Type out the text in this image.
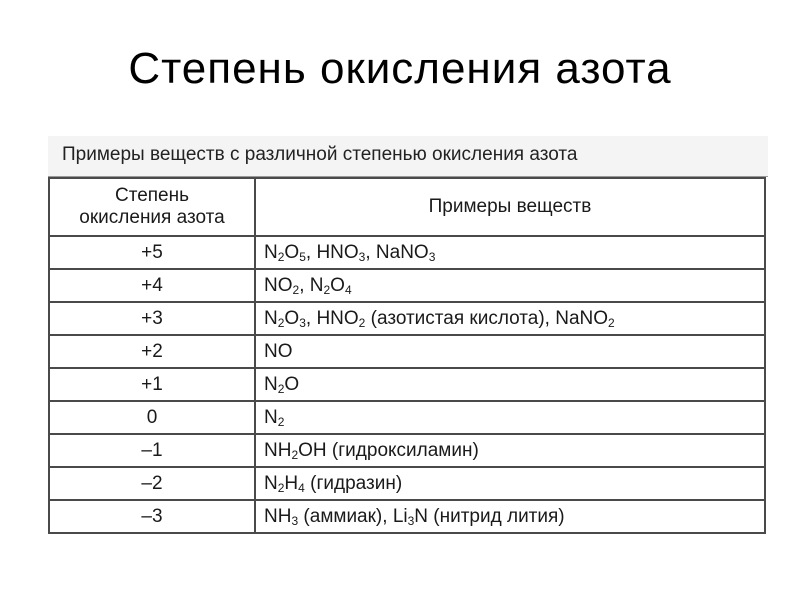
Степень окисления азота
Примеры веществ с различной степенью окисления азота
Степень
окисления азота	Примеры веществ
+5	$N_2O_5$, $HNO_3$, NaNO$_3$
+4	$NO_2$, $N_2O_4$
+3	$N_2O_3$, $HNO_2$ (азотистая кислота), NaNO$_2$
+2	NO
+1	$N_2O$
0	$N_2$
–1	$NH_2OH$ (гидроксиламин)
–2	$N_2H_4$ (гидразин)
–3	$NH_3$ (аммиак), $Li_3N$ (нитрид лития)
